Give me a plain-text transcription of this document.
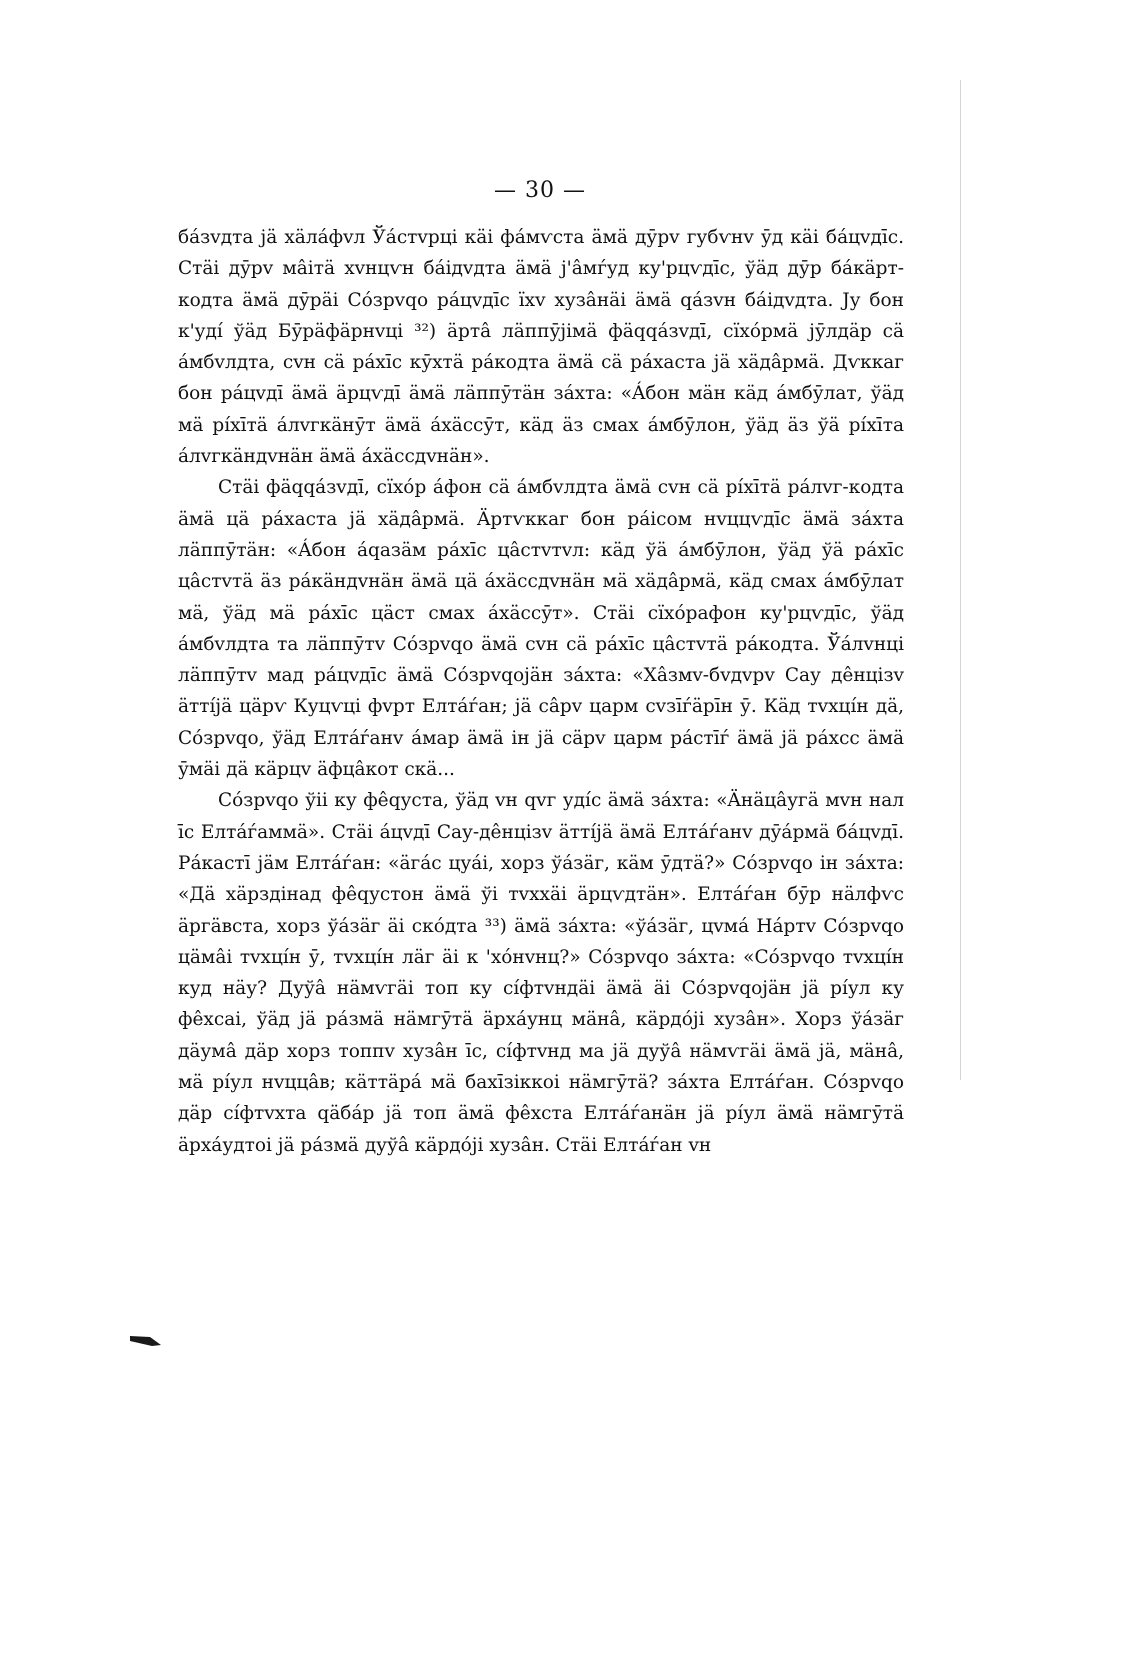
— 30 —

бáзvдта jä хäлáфvл Ўáстvрці кäі фáмѵста ӓмӓ дӯрv губѵнv ӯд кäі бáцvдīс. Стäі дӯрv мâітä хvнцѵн бáідvдта ӓмӓ j'âмѓуд ку'рцѵдīс, ўäд дӯр бáкäрт-кодта ӓмӓ дӯрäі Сóзрvqо рáцvдīс ïхv хузâнäі ӓмӓ qáзvн бáідvдта. Jу бон к'удí ўäд Бӯрäфäрнvці ³²) äртâ лäппӯjімä фäqqáзvдī, сïхóрмä jӯлдäр сä áмбvлдта, сvн сä рáхīс кӯхтä рáкодта ӓмӓ сä рáхаста jä хäдâрмӓ. Дѵккаг бон рáцvдī ӓмӓ äрцѵдī ӓмӓ лäппӯтäн зáхта: «Áбон мäн кäд áмбӯлат, ўäд мä рíхīтä áлvгкäнӯт ӓмӓ áхäссӯт, кäд äз смах áмбӯлон, ўäд äз ўä рíхīта áлvгкäндvнäн ӓмӓ áхäссдvнäн».

Стäі фäqqáзvдī, сïхóр áфон сä áмбvлдта ӓмӓ сvн сä рíхīтä рáлvг-кодта ӓмӓ цä рáхаста jä хäдâрмӓ. Äртѵккаг бон рáісом нvццѵдīс ӓмӓ зáхта лäппӯтäн: «Áбон áqазäм рáхīс цâстvтvл: кäд ўä áмбӯлон, ўäд ўä рáхīс цâстvтä äз рáкäндvнäн ӓмӓ цä áхäссдvнäн мä хäдâрмӓ, кäд смах áмбӯлат мä, ўäд мä рáхīс цäст смах áхäссӯт». Стäі сïхóрафон ку'рцѵдīс, ўäд áмбvлдта та лäппӯтv Сóзрvqо ӓмӓ сvн сä рáхīс цâстvтä рáкодта. Ўáлvнці лäппӯтv мад рáцvдīс ӓмӓ Сóзрvqоjäн зáхта: «Хâзмv-бvдvрv Сау дêнцізv äттíjä цäрѵ Куцѵці фvрт Елтáѓан; jä сâрv царм сvзīѓäрīн ӯ. Кäд тvхцíн дä, Сóзрvqо, ўäд Елтáѓанv áмар ӓмӓ ін jä сäрv царм рáстīѓ ӓмӓ jä рáхсс ӓмӓ ӯмäі дä кäрцv äфцâкот скä...

Сóзрvqо ўіі ку фêqуста, ўäд vн qvг удíс ӓмӓ зáхта: «Äнäцâугä мvн нал īс Елтáѓаммä». Стäі áцvдī Сау-дêнцізv äттíjä ӓмӓ Елтáѓанv дӯáрмä бáцvдī. Рáкастī jäм Елтáѓан: «ӓгáс цуáі, хорз ўáзäг, кäм ӯдтä?» Сóзрvqо ін зáхта: «Дä хäрздінад фêqустон ӓмӓ ўі тvххäі äрцѵдтäн». Елтáѓан бӯр нäлфѵс äргäвста, хорз ўáзäг äі скóдта ³³) ӓмӓ зáхта: «ўáзäг, цvмá Нáртv Сóзрvqо цäмâі тvхцíн ӯ, тvхцíн лäг äі к 'хóнvнц?» Сóзрvqо зáхта: «Сóзрvqо тvхцíн куд нäу? Дуўâ нäмѵгäі топ ку сíфтvндäі ӓмӓ äі Сóзрvqоjäн jä рíул ку фêхсаі, ўäд jä рáзмä нäмгӯтä äрхáунц мäнâ, кäрдójі хузâн». Хорз ўáзäг дäумâ дäр хорз топпv хузâн īс, сíфтvнд ма jä дуўâ нäмѵгäі ӓмӓ jä, мäнâ, мä рíул нvццâв; кäттäрá мä бахīзіккоі нäмгӯтä? зáхта Елтáѓан. Сóзрvqо дäр сíфтvхта qäбáр jä топ ӓмӓ фêхста Елтáѓанäн jä рíул ӓмӓ нäмгӯтä äрхáудтоі jä рáзмä дуўâ кäрдójі хузâн. Стäі Елтáѓан vн
